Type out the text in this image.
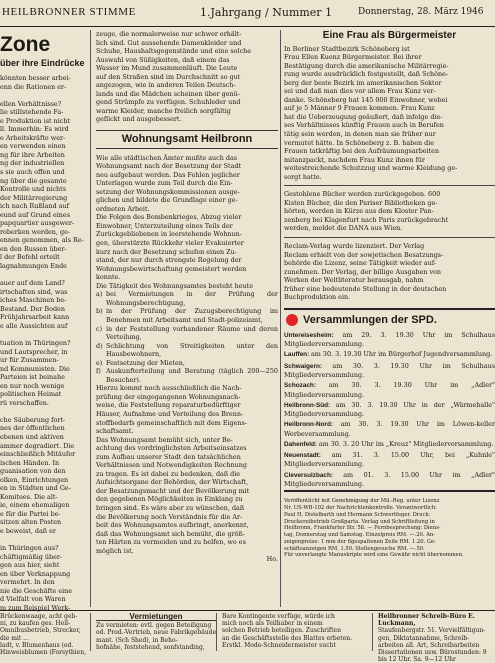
HEILBRONNER STIMME	1.Jahrgang / Nummer 1	Donnerstag, 28. März 1946
Zone
über ihre Eindrücke
könnten besser arbei-
enn die Rationen er-

ellen Verhältnisse?
lie stillstehende Fa-
e Produktion ist nicht
ll. Immerhin: Es wird
e Arbeitskräfte wer-
en verwenden einen
ng für ihre Arbeiten
ng der industriellen
s sie auch offen und
ng über die gesamte
Kontrolle und nichts
der Militärregierung
ich nach Rußland auf
eund auf Grund eines
papquartier ausgewer-
roberken werden, ge-
ennen genommen, als Re-
en den Russen über-
l der Befehl erteilt
lagnahmungen Ende

auer auf dem Land?
irtschaften sind, was
iches Maschinen be-
Bestand. Der Boden
Frühjahrsarbeit kann
e alle Aussichten auf

tuation in Thüringen?
und Lautsprecher, in
ur für Zusammen-
nd Kommunisten. Die
Parteien ist beinahe
en nur noch wenige
politischen Heimat
rü verschaffen.

che Säuberung fort-
nes der öffentlichen
ebenen und aktiven
ammer degradiert. Die
einschließlich Mitäufer
ischen Händen. In
guanisation von den
olken, Einrichtungen
en in Städten und Ge-
Komitees. Die alt-
ie, einem ehemaligen
e für die Partei be-
sitzen alten Posten
e beweist, daß er

in Thüringen aus?
chäftigmäßig über-
gen aus hier, sieht
en über Verknappung
vermehrt. In den
nie die Geschäfte eine
d Vielfalt von Waren
m zum Beispiel Werk-
zeuge, die normalerweise nur schwer erhält-
lich sind. Gut aussehende Damenkleider und
Schuhe, Haushaltsgegenstände und eine solche
Auswahl von Süßigkeiten, daß einem das
Wasser im Mund zusammenläuft. Die Leute
auf den Straßen sind im Durchschnitt so gut
angezogen, wie in anderen Teilen Deutsch-
lands und die Mädchen scheinen über genü-
gend Strümpfe zu verfügen. Schuhleder und
warme Kleider, manche freilich sorgfältig
geflickt und ausgebessert.
Wohnungsamt Heilbronn
Wie alle städtischen Ämter mußte auch das
Wohnungsamt nach der Besetzung der Stadt
neu aufgebaut werden. Das Fehlen jeglicher
Unterlagen wurde zum Teil durch die Ein-
setzung der Wohnungskommissionen ausge-
glichen und bildete die Grundlage einer ge-
ordneten Arbeit.
Die Folgen des Bombenkrieges, Abzug vieler
Einwohner, Unterzuteilung eines Teils der
Zurückgebliebenen in leerstehende Wohnun-
gen, überstürzte Rückkehr vieler Evakuierter
kurz nach der Besetzung schufen einen Zu-
stand, der nur durch strengste Regelung der
Wohnungsbewirtschaftung gemeistert werden
konnte.
Die Tätigkeit des Wohnungsamtes besteht heute
a) bei Vermietungen in der Prüfung der Wohnungsberechtigung,
b) in der Prüfung der Zuzugsberechtigung im Benehmen mit Arbeitsamt und Stadt-polizeiamt,
c) in der Feststellung vorhandener Räume und deren Verteilung,
d) Schlichtung von Streitigkeiten unter den Hausbewohnern,
e) Festsetzung der Mieten,
f) Auskunfterteilung und Beratung (täglich 200—250 Besucher).
Hierzu kommt noch ausschließlich die Nach-
prüfung der eingegangenen Wohnungsnach-
weise, die Feststellung reparaturbedürftiger
Häuser, Aufnahme und Verteilung des Brenn-
stoffbedarfs gemeinschaftlich mit dem Eigens-
schaftsamt.
Das Wohnungsamt bemüht sich, unter Be-
achtung des vordringlichsten Arbeitseinsatzes
zum Aufbau unserer Stadt den tatsächlichen
Verhältnissen und Notwendigkeiten Rechnung
zu tragen. Es ist dabei zu bedenken, daß die
Aufsichtsorgane der Behörden, der Wirtschaft,
der Besatzungsmacht und der Bevölkerung mit
den gegebenen Möglichkeiten in Einklang zu
bringen sind. Es wäre aber zu wünschen, daß
die Bevölkerung noch Verständnis für die Ar-
beit des Wohnungsamtes aufbringt, anerkennt,
daß das Wohnungsamt sich bemüht, die größ-
ten Härten zu vermeiden und zu helfen, wo es
möglich ist.
Ho.
Eine Frau als Bürgermeister
In Berliner Stadtbezirk Schöneberg ist
Frau Ellen Kuenz Bürgermeister. Bei ihrer
Bestätigung durch die amerikanische Militärregie-
rung wurde ausdrücklich festgestellt, daß Schöne-
berg der beste Bezirk im amerikanischen Sektor
sei und daß man dies vor allem Frau Kunz ver-
danke. Schöneberg hat 145 000 Einwohner, wobei
auf je 5 Männer 9 Frauen kommen. Frau Kunz
hat die Ueberzeugung geäußert, daß infolge die-
ses Verhältnisses künftig Frauen auch in Berufen
tätig sein werden, in denen man sie früher nur
vermutet hätte. In Schöneberg z. B. haben die
Frauen tatkräftig bei den Aufräumungsarbeiten
mitanzpackt, nachdem Frau Kunz ihnen für
weitestreichende Schutzzug und warme Kleidung ge-
sorgt hatte.
Gestohlene Bücher werden zurückgegeben. 600
Kisten Bücher, die den Pariser Bibliotheken ge-
hörten, werden in Kürze aus dem Kloster Pan-
zenberg bei Klagenfurt nach Paris zurückgebracht
werden, meldet die DANA aus Wien.
Reclam-Verlag wurde lizenziert. Der Verlag
Reclam erhielt von der sowjetischen Besatzungs-
behörde die Lizenz, seine Tätigkeit wieder auf-
zunehmen. Der Verlag, der billige Ausgaben von
Werken der Weltliteratur herausgab, nahm
früher eine bedeutende Stellung in der deutschen
Buchproduktion ein.
Versammlungen der SPD.
Untereisesheim: am 29. 3. 19.30 Uhr im Schulhaus Mitgliederversammlung.
Lauffen: am 30. 3. 19.30 Uhr im Bürgerhof Jugendversammlung.
Schwaigern: am 30. 3. 19.30 Uhr im Schulhaus Mitgliederversammlung.
Schozach: am 30. 3. 19.30 Uhr im „Adler" Mitgliederversammlung.
Heilbronn-Süd: am 30. 3. 19.30 Uhr in der „Wärmehalle" Mitgliederversammlung.
Heilbronn-Nord: am 30. 3. 19.30 Uhr im Löwen-keller Werbeversammlung.
Dahenfeld: am 30. 3. 20 Uhr im „Kreuz" Mitgliederversammlung.
Neuenstadt: am 31. 3. 15.00 Uhr, bei „Kuhnle" Mitgliederversammlung.
Cleversulzbach: am 01. 3. 15.00 Uhr im „Adler" Mitgliederversammlung.
Veröffentlicht mit Genehmigung der Mil.-Reg. unter Lizenz
Nr. US-WB-102 der Nachrichtenkontrolle. Verantwortlich:
Paul H. Distelbarth und Hermann Schwertfeger. Druck:
Druckereibetrieb Großparta. Verlag und Schriftleitung in
Heilbronn, Frankfurter Str. 58. — Fernbesprechung: Diens-
tag, Donnerstag und Samstag. Einzelpreis RM. —.20. An-
zeigenpreise: 1 mm der 6gespaltenen Zeile RM. 1.20. Ge-
schäftsanzeigen RM. 1.50. Stellengesuche RM. —.50.
Für unverlangte Manuskripte wird eine Gewähr nicht übernommen.
Brückenwaage, acht geb-
ni, zu kaufen ges. Heil-
Omnibusbetrieb, Strecker,
die mit ...
ladt, v. Blumenhaus (ed.
Hinweisblumen (Forsythien,
Vermietungen
Zu vermieten: evtl. gegen Beteiligung
od. Prod.-Vertrieb, neue Fabrikgebäude
mant. (Sch Shed), in Beho-
hofnähe, feststehend, sonfstanding,
Bare Kontingente verfüge, würde ich
mich noch als Teilhaber in einem
solchen Betrieb beteiligen. Zuschriften
an die Geschäftsstelle des Blattes erbeten.
Erstkl. Mode-Schneidermeister sucht
Heilbronner Schreib-Büro E. Luckmann,
Staufenbergstr. 51. Vervielfältigun-
gen, Diktatannahme, Schreib-
arbeiten all. Art, Schreibarbeiten
Dissertationen usw. Bürostunden: 9
bis 12 Uhr. Sa. 9—12 Uhr
